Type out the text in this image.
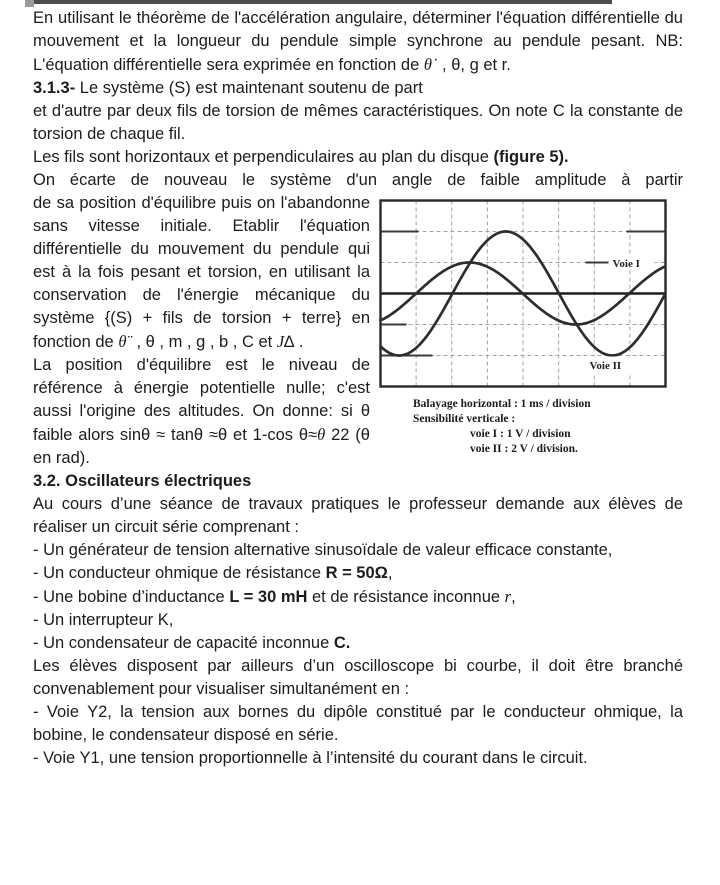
En utilisant le théorème de l'accélération angulaire, déterminer l'équation différentielle du mouvement et la longueur du pendule simple synchrone au pendule pesant. NB: L'équation différentielle sera exprimée en fonction de θ˙ , θ, g et r.

3.1.3- Le système (S) est maintenant soutenu de part

et d'autre par deux fils de torsion de mêmes caractéristiques. On note C la constante de torsion de chaque fil.

Les fils sont horizontaux et perpendiculaires au plan du disque (figure 5).

On écarte de nouveau le système d'un angle de faible amplitude à partir

Voie I
Voie II
Balayage horizontal : 1 ms / division
Sensibilité verticale :
voie I : 1 V / division
voie II : 2 V / division.

de sa position d'équilibre puis on l'abandonne sans vitesse initiale. Etablir l'équation différentielle du mouvement du pendule qui est à la fois pesant et torsion, en utilisant la conservation de l'énergie mécanique du système {(S) + fils de torsion + terre} en fonction de θ¨ , θ , m , g , b , C et J∆ .

La position d'équilibre est le niveau de référence à énergie potentielle nulle; c'est aussi l'origine des altitudes. On donne: si θ faible alors sinθ ≈ tanθ ≈θ et 1-cos θ≈θ 22 (θ en rad).

3.2. Oscillateurs électriques

Au cours d’une séance de travaux pratiques le professeur demande aux élèves de réaliser un circuit série comprenant :

- Un générateur de tension alternative sinusoïdale de valeur efficace constante,

- Un conducteur ohmique de résistance R = 50Ω,

- Une bobine d’inductance L = 30 mH et de résistance inconnue r,

- Un interrupteur K,

- Un condensateur de capacité inconnue C.

Les élèves disposent par ailleurs d’un oscilloscope bi courbe, il doit être branché convenablement pour visualiser simultanément en :

- Voie Y2, la tension aux bornes du dipôle constitué par le conducteur ohmique, la bobine, le condensateur disposé en série.

- Voie Y1, une tension proportionnelle à l’intensité du courant dans le circuit.
